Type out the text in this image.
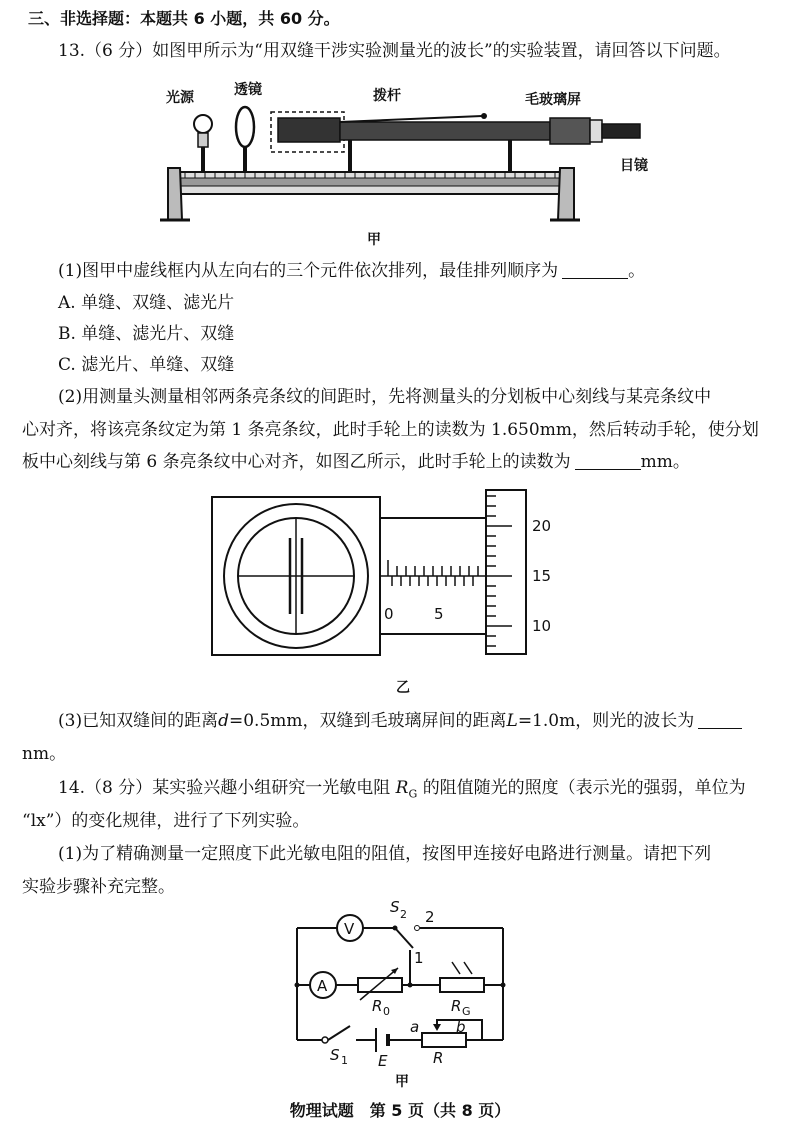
三、非选择题：本题共 6 小题，共 60 分。
13.（6 分）如图甲所示为“用双缝干涉实验测量光的波长”的实验装置，请回答以下问题。
光源	透镜	拨杆	毛玻璃屏
目镜
甲
(1)图甲中虚线框内从左向右的三个元件依次排列，最佳排列顺序为	。
A. 单缝、双缝、滤光片
B. 单缝、滤光片、双缝
C. 滤光片、单缝、双缝
(2)用测量头测量相邻两条亮条纹的间距时，先将测量头的分划板中心刻线与某亮条纹中
心对齐，将该亮条纹定为第 1 条亮条纹，此时手轮上的读数为 1.650mm，然后转动手轮，使分划
板中心刻线与第 6 条亮条纹中心对齐，如图乙所示，此时手轮上的读数为	mm。
0	5
20
15
10
乙
(3)已知双缝间的距离d=0.5mm，双缝到毛玻璃屏间的距离L=1.0m，则光的波长为
nm。
14.（8 分）某实验兴趣小组研究一光敏电阻 $R_G$ 的阻值随光的照度（表示光的强弱，单位为
“lx”）的变化规律，进行了下列实验。
(1)为了精确测量一定照度下此光敏电阻的阻值，按图甲连接好电路进行测量。请把下列
实验步骤补充完整。
V
A
S 2 2
1
R 0	R G
S 1 E
a b
R
甲
物理试题　第 5 页（共 8 页）
